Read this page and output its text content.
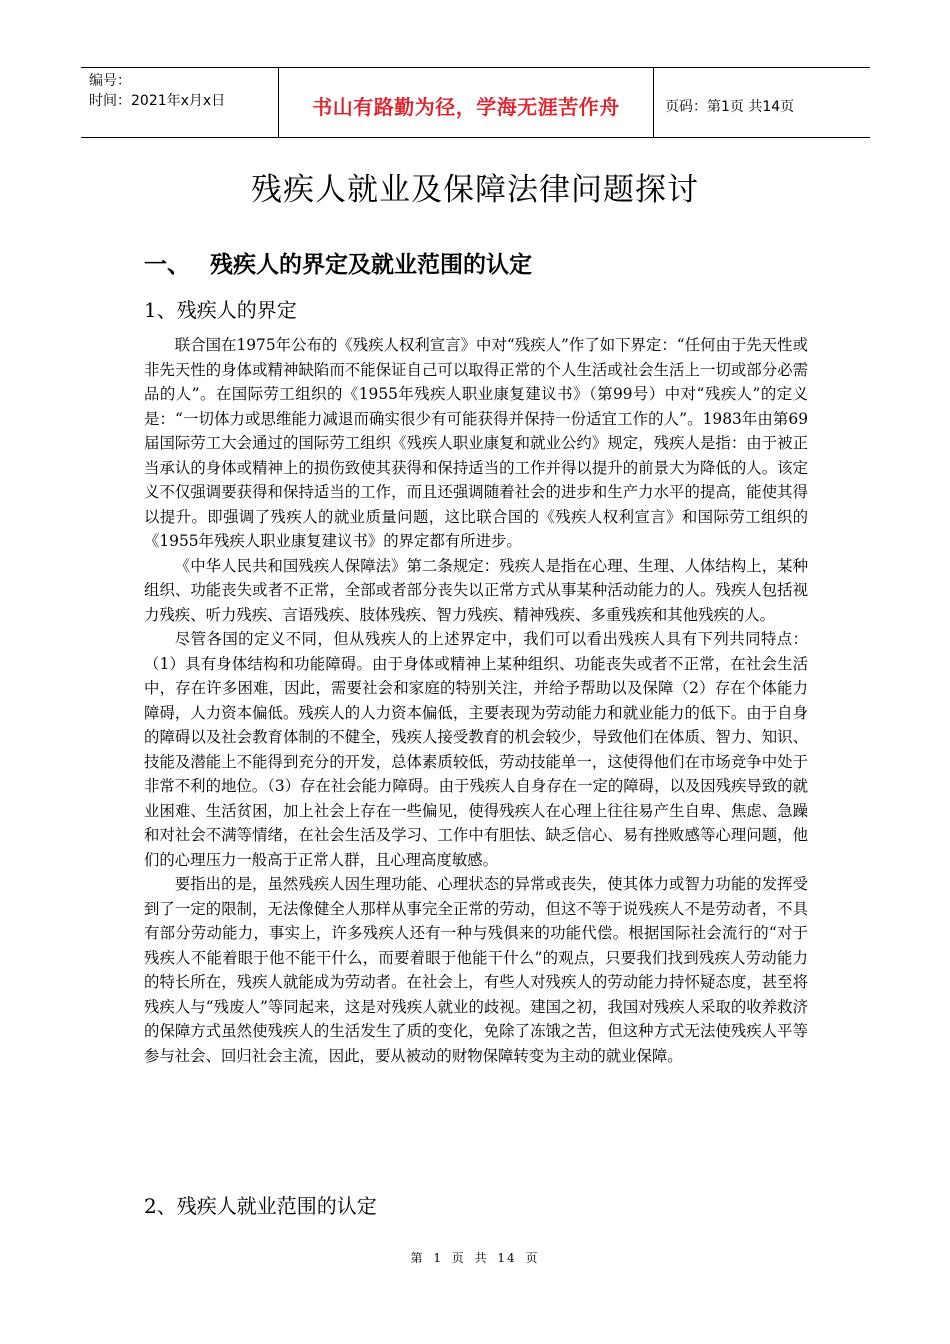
编号：
时间：2021年x月x日	书山有路勤为径，学海无涯苦作舟	页码：第1页 共14页
残疾人就业及保障法律问题探讨
一、 残疾人的界定及就业范围的认定
1、残疾人的界定

联合国在1975年公布的《残疾人权利宣言》中对“残疾人”作了如下界定：“任何由于先天性或非先天性的身体或精神缺陷而不能保证自己可以取得正常的个人生活或社会生活上一切或部分必需品的人”。在国际劳工组织的《1955年残疾人职业康复建议书》（第99号）中对“残疾人”的定义是：“一切体力或思维能力减退而确实很少有可能获得并保持一份适宜工作的人”。1983年由第69届国际劳工大会通过的国际劳工组织《残疾人职业康复和就业公约》规定，残疾人是指：由于被正当承认的身体或精神上的损伤致使其获得和保持适当的工作并得以提升的前景大为降低的人。该定义不仅强调要获得和保持适当的工作，而且还强调随着社会的进步和生产力水平的提高，能使其得以提升。即强调了残疾人的就业质量问题，这比联合国的《残疾人权利宣言》和国际劳工组织的《1955年残疾人职业康复建议书》的界定都有所进步。

《中华人民共和国残疾人保障法》第二条规定：残疾人是指在心理、生理、人体结构上，某种组织、功能丧失或者不正常，全部或者部分丧失以正常方式从事某种活动能力的人。残疾人包括视力残疾、听力残疾、言语残疾、肢体残疾、智力残疾、精神残疾、多重残疾和其他残疾的人。

尽管各国的定义不同，但从残疾人的上述界定中，我们可以看出残疾人具有下列共同特点：（1）具有身体结构和功能障碍。由于身体或精神上某种组织、功能丧失或者不正常，在社会生活中，存在许多困难，因此，需要社会和家庭的特别关注，并给予帮助以及保障（2）存在个体能力障碍，人力资本偏低。残疾人的人力资本偏低，主要表现为劳动能力和就业能力的低下。由于自身的障碍以及社会教育体制的不健全，残疾人接受教育的机会较少，导致他们在体质、智力、知识、技能及潜能上不能得到充分的开发，总体素质较低，劳动技能单一，这使得他们在市场竞争中处于非常不利的地位。（3）存在社会能力障碍。由于残疾人自身存在一定的障碍，以及因残疾导致的就业困难、生活贫困，加上社会上存在一些偏见，使得残疾人在心理上往往易产生自卑、焦虑、急躁和对社会不满等情绪，在社会生活及学习、工作中有胆怯、缺乏信心、易有挫败感等心理问题，他们的心理压力一般高于正常人群，且心理高度敏感。

要指出的是，虽然残疾人因生理功能、心理状态的异常或丧失，使其体力或智力功能的发挥受到了一定的限制，无法像健全人那样从事完全正常的劳动，但这不等于说残疾人不是劳动者，不具有部分劳动能力，事实上，许多残疾人还有一种与残俱来的功能代偿。根据国际社会流行的“对于残疾人不能着眼于他不能干什么，而要着眼于他能干什么”的观点，只要我们找到残疾人劳动能力的特长所在，残疾人就能成为劳动者。在社会上，有些人对残疾人的劳动能力持怀疑态度，甚至将残疾人与“残废人”等同起来，这是对残疾人就业的歧视。建国之初，我国对残疾人采取的收养救济的保障方式虽然使残疾人的生活发生了质的变化，免除了冻饿之苦，但这种方式无法使残疾人平等参与社会、回归社会主流，因此，要从被动的财物保障转变为主动的就业保障。

2、残疾人就业范围的认定
第 1 页 共 14 页
